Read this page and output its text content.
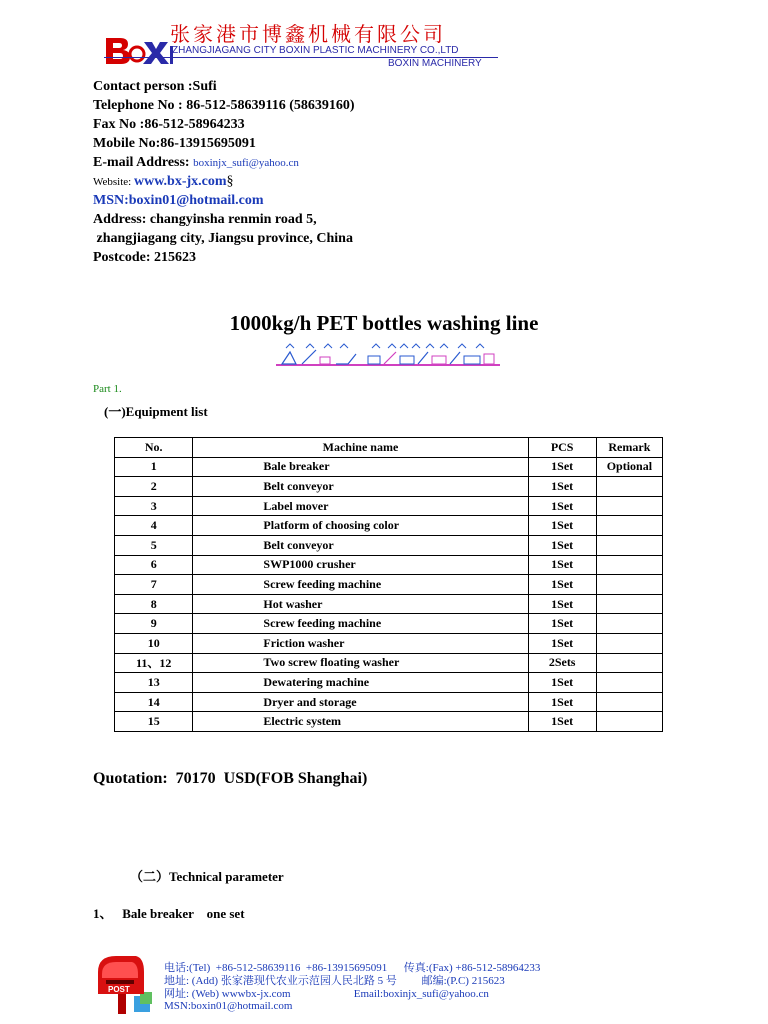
张家港市博鑫机械有限公司
ZHANGJIAGANG CITY BOXIN PLASTIC MACHINERY CO.,LTD
BOXIN MACHINERY
Contact person :Sufi
Telephone No : 86-512-58639116 (58639160)
Fax No :86-512-58964233
Mobile No:86-13915695091
E-mail Address: boxinjx_sufi@yahoo.cn
Website: www.bx-jx.com§
MSN:boxin01@hotmail.com
Address: changyinsha renmin road 5,
zhangjiagang city, Jiangsu province, China
Postcode: 215623
1000kg/h PET bottles washing line
Part 1.
(一)Equipment list
No.	Machine name	PCS	Remark
1	Bale breaker	1Set	Optional
2	Belt conveyor	1Set	
3	Label mover	1Set	
4	Platform of choosing color	1Set	
5	Belt conveyor	1Set	
6	SWP1000 crusher	1Set	
7	Screw feeding machine	1Set	
8	Hot washer	1Set	
9	Screw feeding machine	1Set	
10	Friction washer	1Set	
11、12	Two screw floating washer	2Sets	
13	Dewatering machine	1Set	
14	Dryer and storage	1Set	
15	Electric system	1Set	
Quotation:  70170  USD(FOB Shanghai)
（二）Technical parameter
1、   Bale breaker    one set
POST
电话:(Tel)  +86-512-58639116  +86-13915695091      传真:(Fax) +86-512-58964233
地址: (Add) 张家港现代农业示范园人民北路 5 号         邮编:(P.C) 215623
网址: (Web) wwwbx-jx.com                       Email:boxinjx_sufi@yahoo.cn
MSN:boxin01@hotmail.com
